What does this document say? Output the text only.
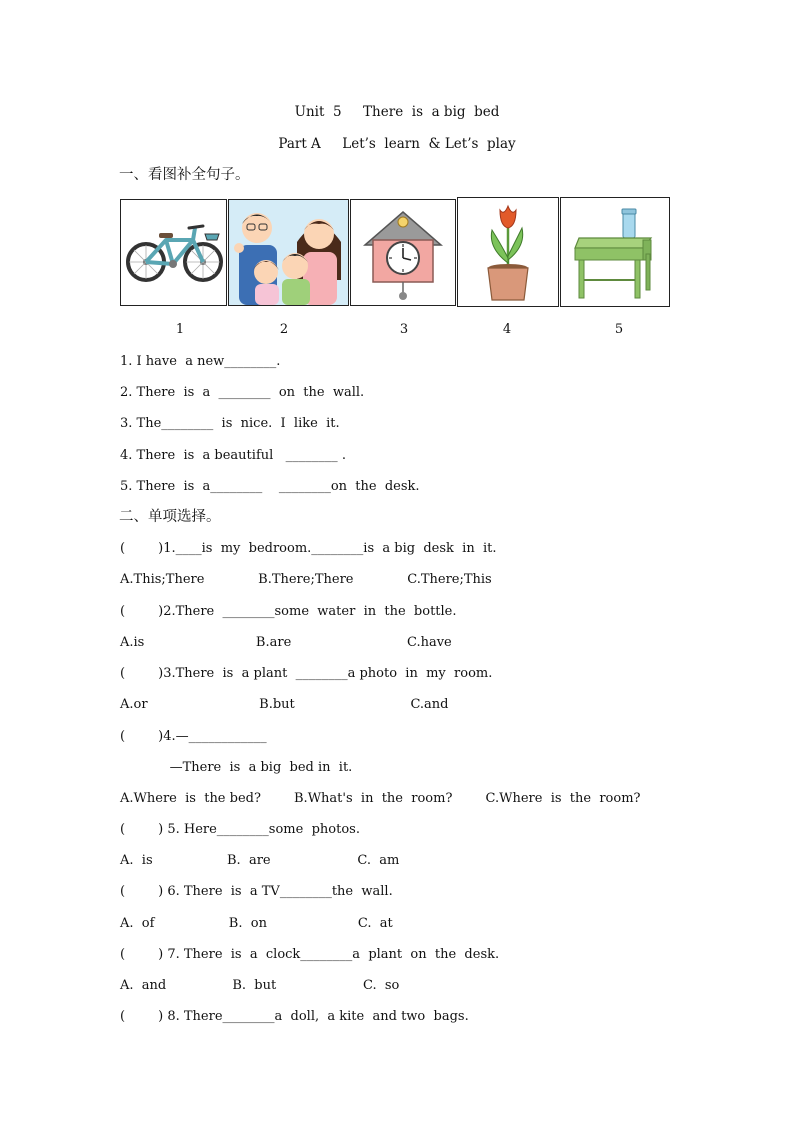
Unit  5     There  is  a big  bed
Part A     Let’s  learn  & Let’s  play
一、看图补全句子。
1	2	3	4	5
1. I have  a new________.
2. There  is  a  ________  on  the  wall.
3. The________  is  nice.  I  like  it.
4. There  is  a beautiful   ________ .
5. There  is  a________    ________on  the  desk.
二、单项选择。
(        )1.____is  my  bedroom.________is  a big  desk  in  it.
A.This;There             B.There;There             C.There;This
(        )2.There  ________some  water  in  the  bottle.
A.is                           B.are                            C.have
(        )3.There  is  a plant  ________a photo  in  my  room.
A.or                           B.but                            C.and
(        )4.—____________
—There  is  a big  bed in  it.
A.Where  is  the bed?        B.What's  in  the  room?        C.Where  is  the  room?
(        ) 5. Here________some  photos.
A.  is                  B.  are                     C.  am
(        ) 6. There  is  a TV________the  wall.
A.  of                  B.  on                      C.  at
(        ) 7. There  is  a  clock________a  plant  on  the  desk.
A.  and                B.  but                     C.  so
(        ) 8. There________a  doll,  a kite  and two  bags.
